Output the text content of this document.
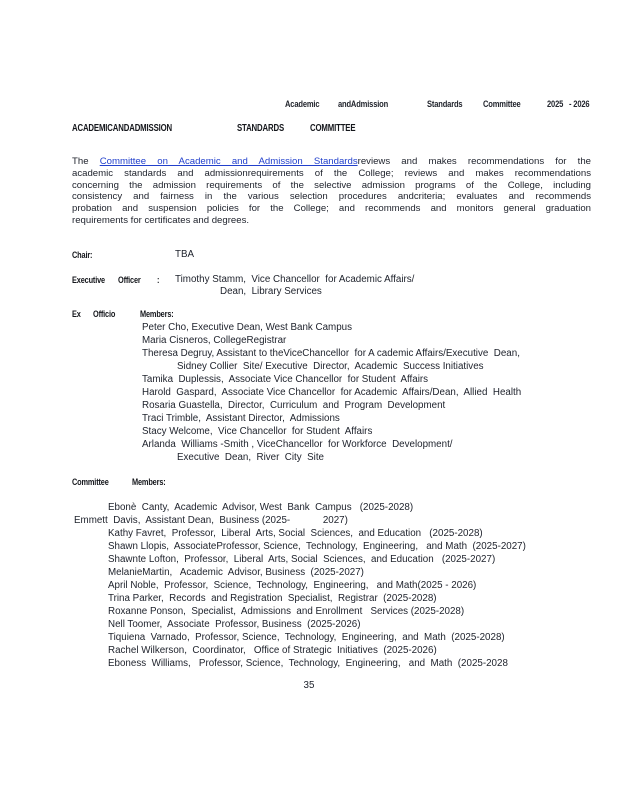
Academic andAdmission	Standards Committee	2025 - 2026
ACADEMICANDADMISSION	STANDARDS	COMMITTEE
The Committee on Academic and Admission Standardsreviews and makes recommendations for the
academic standards and admissionrequirements of the College; reviews and makes recommendations
concerning the admission requirements of the selective admission programs of the College, including
consistency and fairness in the various selection procedures andcriteria; evaluates and recommends
probation and suspension policies for the College; and recommends and monitors general graduation
requirements for certificates and degrees.
Chair:	TBA
Executive Officer : Timothy Stamm,  Vice Chancellor  for Academic Affairs/
Dean,  Library Services
Ex Officio	Members:
Peter Cho, Executive Dean, West Bank Campus
Maria Cisneros, CollegeRegistrar
Theresa Degruy, Assistant to theViceChancellor  for A cademic Affairs/Executive  Dean,
Sidney Collier  Site/ Executive  Director,  Academic  Success Initiatives
Tamika  Duplessis,  Associate Vice Chancellor  for Student  Affairs
Harold  Gaspard,  Associate Vice Chancellor  for Academic  Affairs/Dean,  Allied  Health
Rosaria Guastella,  Director,  Curriculum  and  Program  Development
Traci Trimble,  Assistant Director,  Admissions
Stacy Welcome,  Vice Chancellor  for Student  Affairs
Arlanda  Williams -Smith , ViceChancellor  for Workforce  Development/
Executive  Dean,  River  City  Site
Committee	Members:
Ebonè  Canty,  Academic  Advisor, West  Bank  Campus   (2025-2028)
Emmett  Davis,  Assistant Dean,  Business (2025-            2027)
Kathy Favret,  Professor,  Liberal  Arts, Social  Sciences,  and Education   (2025-2028)
Shawn Llopis,  AssociateProfessor, Science,  Technology,  Engineering,   and Math  (2025-2027)
Shawnte Lofton,  Professor,  Liberal  Arts, Social  Sciences,  and Education   (2025-2027)
MelanieMartin,   Academic  Advisor, Business  (2025-2027)
April Noble,  Professor,  Science,  Technology,  Engineering,   and Math(2025 - 2026)
Trina Parker,  Records  and Registration  Specialist,  Registrar  (2025-2028)
Roxanne Ponson,  Specialist,  Admissions  and Enrollment   Services (2025-2028)
Nell Toomer,  Associate  Professor, Business  (2025-2026)
Tiquiena  Varnado,  Professor, Science,  Technology,  Engineering,  and  Math  (2025-2028)
Rachel Wilkerson,  Coordinator,   Office of Strategic  Initiatives  (2025-2026)
Eboness  Williams,   Professor, Science,  Technology,  Engineering,   and  Math  (2025-2028
35
